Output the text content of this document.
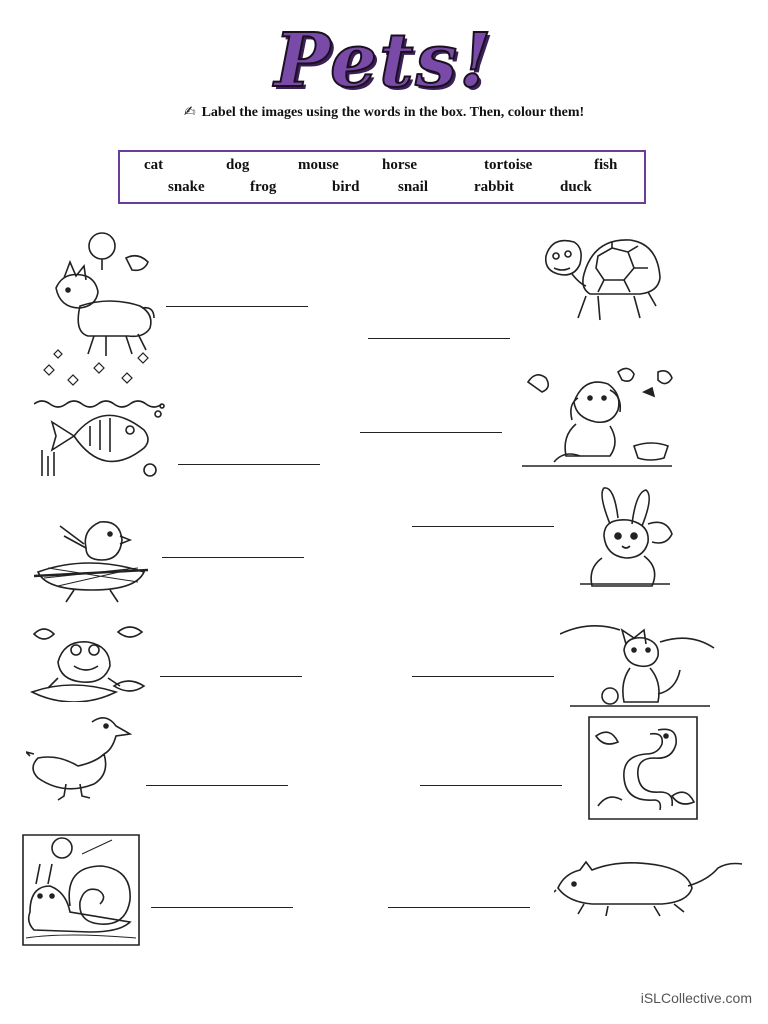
Pets!
✍ Label the images using the words in the box. Then, colour them!
cat	dog	mouse	horse	tortoise	fish
snake	frog	bird	snail	rabbit	duck
iSLCollective.com
